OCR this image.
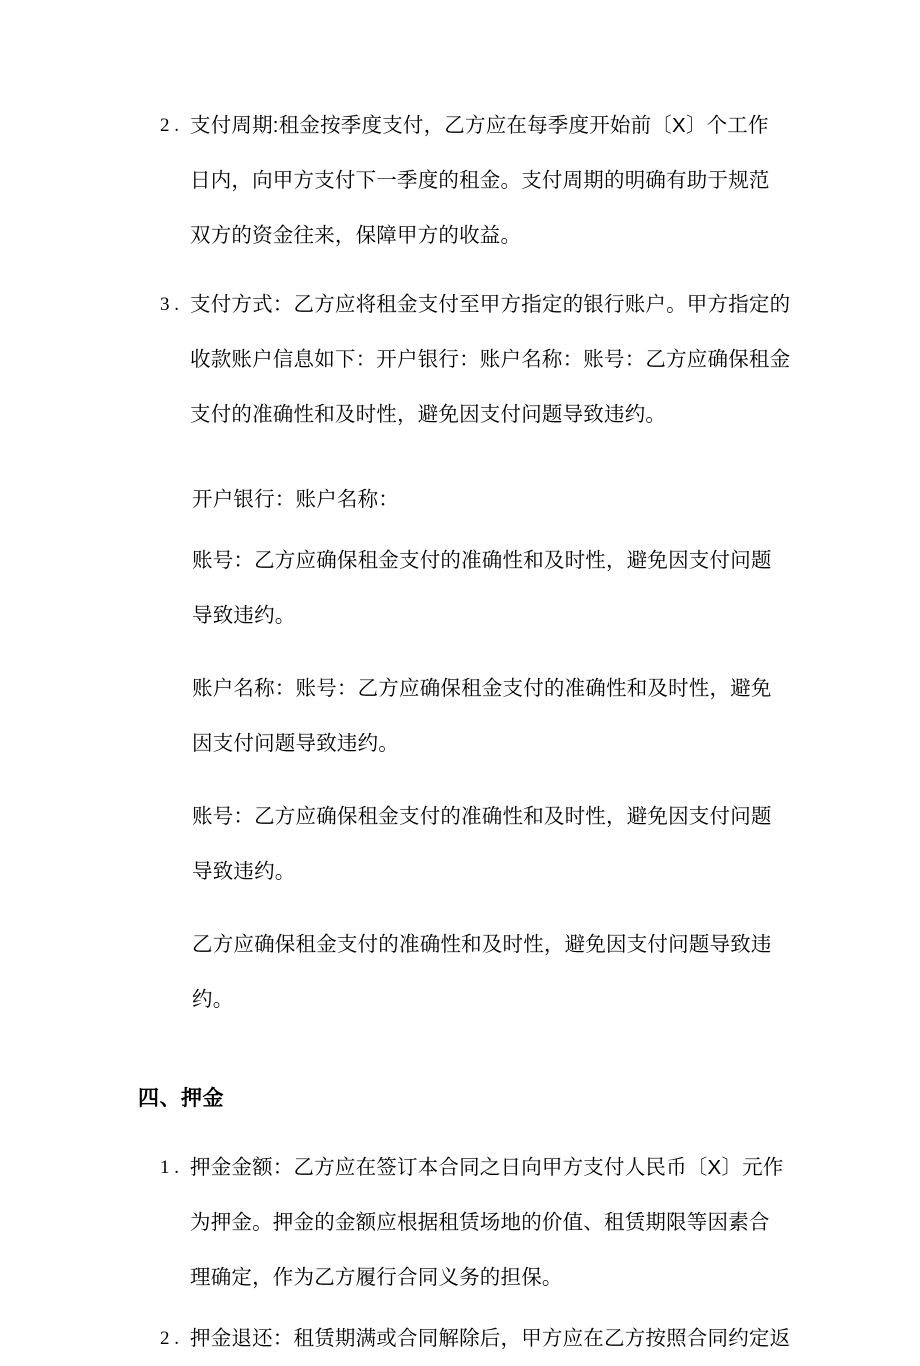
2 . 支付周期:租金按季度支付，乙方应在每季度开始前〔X〕个工作日内，向甲方支付下一季度的租金。支付周期的明确有助于规范双方的资金往来，保障甲方的收益。
3 . 支付方式：乙方应将租金支付至甲方指定的银行账户。甲方指定的收款账户信息如下：开户银行：账户名称：账号：乙方应确保租金支付的准确性和及时性，避免因支付问题导致违约。
开户银行：账户名称：
账号：乙方应确保租金支付的准确性和及时性，避免因支付问题导致违约。
账户名称：账号：乙方应确保租金支付的准确性和及时性，避免因支付问题导致违约。
账号：乙方应确保租金支付的准确性和及时性，避免因支付问题导致违约。
乙方应确保租金支付的准确性和及时性，避免因支付问题导致违约。
四、押金
1 . 押金金额：乙方应在签订本合同之日向甲方支付人民币〔X〕元作为押金。押金的金额应根据租赁场地的价值、租赁期限等因素合理确定，作为乙方履行合同义务的担保。
2 . 押金退还：租赁期满或合同解除后，甲方应在乙方按照合同约定返
